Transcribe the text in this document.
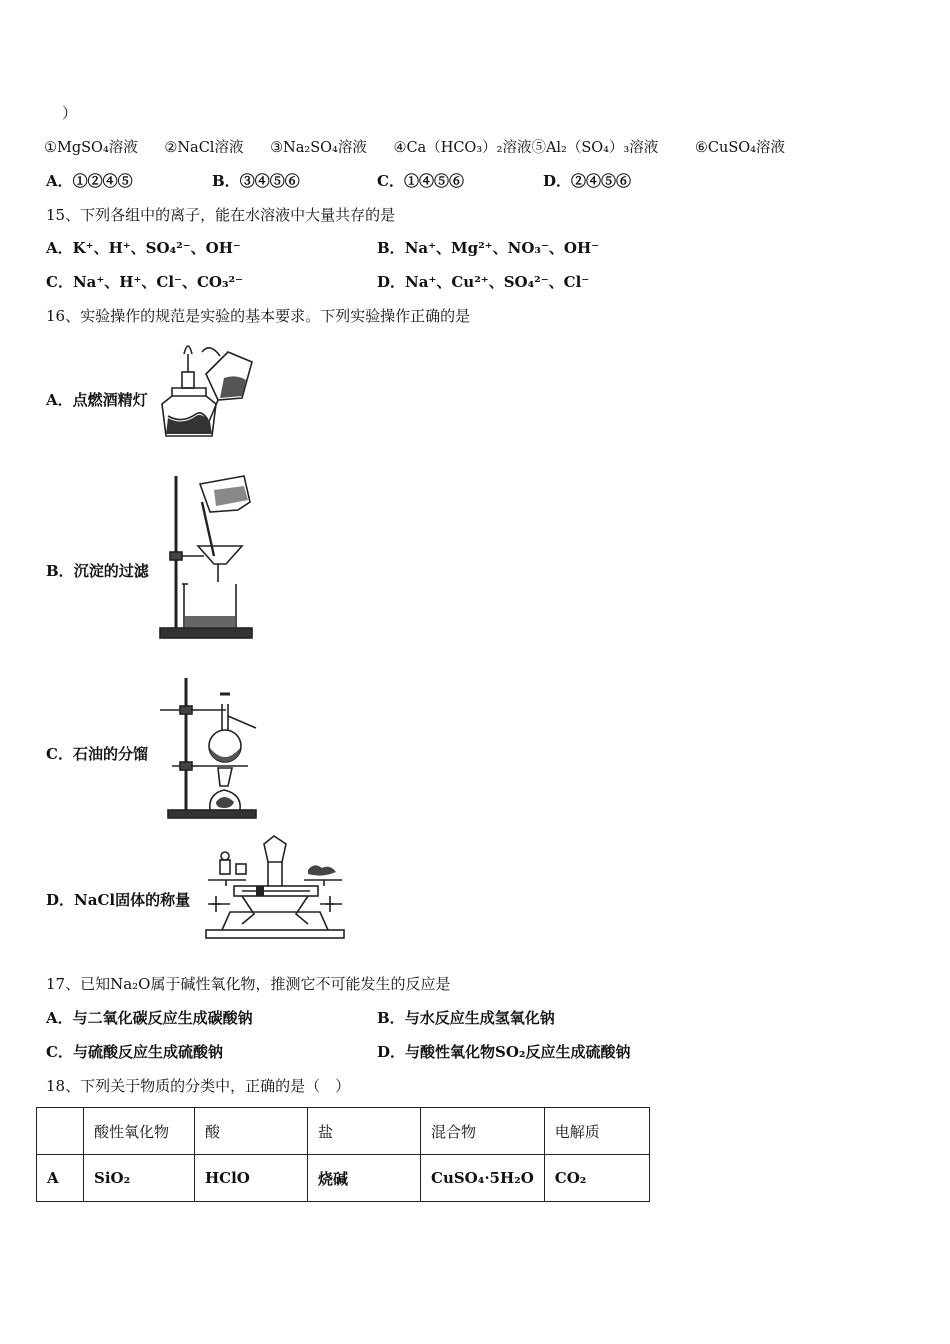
）
①MgSO₄溶液 ②NaCl溶液 ③Na₂SO₄溶液 ④Ca（HCO₃）₂溶液⑤Al₂（SO₄）₃溶液	⑥CuSO₄溶液
A．①②④⑤	B．③④⑤⑥	C．①④⑤⑥	D．②④⑤⑥
15、下列各组中的离子，能在水溶液中大量共存的是
A．K⁺、H⁺、SO₄²⁻、OH⁻	B．Na⁺、Mg²⁺、NO₃⁻、OH⁻
C．Na⁺、H⁺、Cl⁻、CO₃²⁻	D．Na⁺、Cu²⁺、SO₄²⁻、Cl⁻
16、实验操作的规范是实验的基本要求。下列实验操作正确的是
A．点燃酒精灯
B．沉淀的过滤
C．石油的分馏
D．NaCl固体的称量
17、已知Na₂O属于碱性氧化物，推测它不可能发生的反应是
A．与二氧化碳反应生成碳酸钠	B．与水反应生成氢氧化钠
C．与硫酸反应生成硫酸钠	D．与酸性氧化物SO₂反应生成硫酸钠
18、下列关于物质的分类中，正确的是（　）
	酸性氧化物	酸	盐	混合物	电解质
A	SiO₂	HClO	烧碱	CuSO₄·5H₂O	CO₂
